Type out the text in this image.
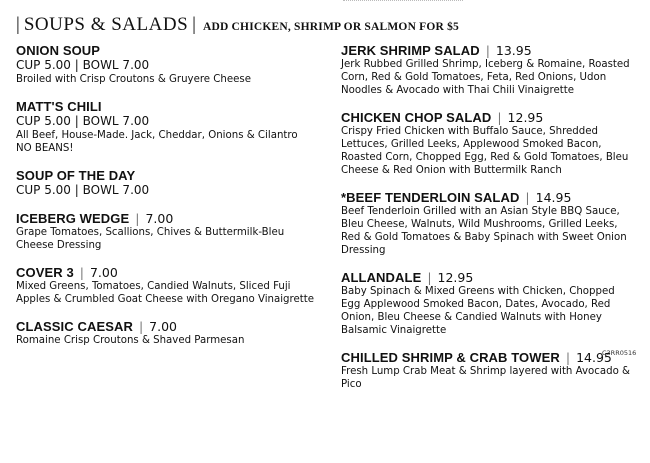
| SOUPS & SALADS | ADD CHICKEN, SHRIMP OR SALMON FOR $5
ONION SOUP
CUP 5.00 | BOWL 7.00
Broiled with Crisp Croutons & Gruyere Cheese
MATT'S CHILI
CUP 5.00 | BOWL 7.00
All Beef, House-Made. Jack, Cheddar, Onions & Cilantro
NO BEANS!
SOUP OF THE DAY
CUP 5.00 | BOWL 7.00
ICEBERG WEDGE | 7.00
Grape Tomatoes, Scallions, Chives & Buttermilk-Bleu Cheese Dressing
COVER 3 | 7.00
Mixed Greens, Tomatoes, Candied Walnuts, Sliced Fuji Apples & Crumbled Goat Cheese with Oregano Vinaigrette
CLASSIC CAESAR | 7.00
Romaine Crisp Croutons & Shaved Parmesan
JERK SHRIMP SALAD | 13.95
Jerk Rubbed Grilled Shrimp, Iceberg & Romaine, Roasted Corn, Red & Gold Tomatoes, Feta, Red Onions, Udon Noodles & Avocado with Thai Chili Vinaigrette
CHICKEN CHOP SALAD | 12.95
Crispy Fried Chicken with Buffalo Sauce, Shredded Lettuces, Grilled Leeks, Applewood Smoked Bacon, Roasted Corn, Chopped Egg, Red & Gold Tomatoes, Bleu Cheese & Red Onion with Buttermilk Ranch
*BEEF TENDERLOIN SALAD | 14.95
Beef Tenderloin Grilled with an Asian Style BBQ Sauce, Bleu Cheese, Walnuts, Wild Mushrooms, Grilled Leeks, Red & Gold Tomatoes & Baby Spinach with Sweet Onion Dressing
ALLANDALE | 12.95
Baby Spinach & Mixed Greens with Chicken, Chopped Egg Applewood Smoked Bacon, Dates, Avocado, Red Onion, Bleu Cheese & Candied Walnuts with Honey Balsamic Vinaigrette
CHILLED SHRIMP & CRAB TOWER | 14.95
Fresh Lump Crab Meat & Shrimp layered with Avocado & Pico
C3RR0516
